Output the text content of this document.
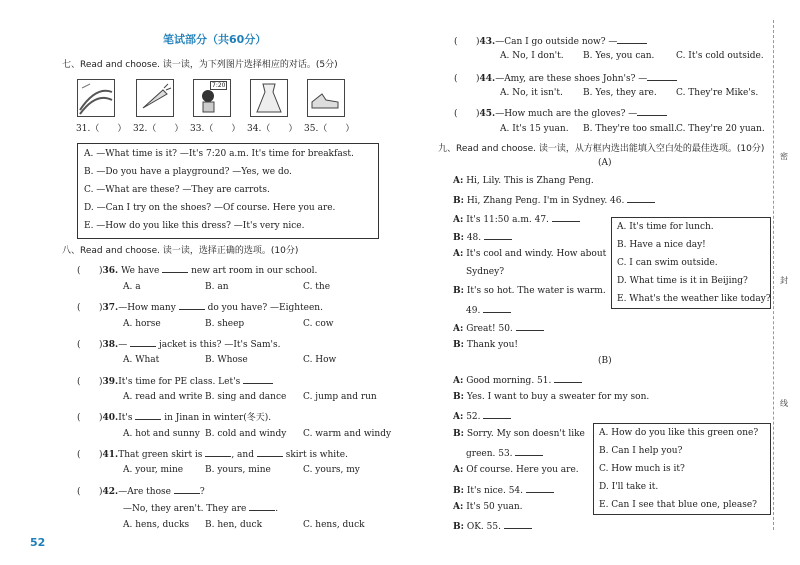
笔试部分（共60分）
七、Read and choose. 读一读，为下列图片选择相应的对话。(5分)
7:20
31.（　　） 32.（　　） 33.（　　） 34.（　　） 35.（　　）
A. —What time is it? —It's 7:20 a.m. It's time for breakfast.
B. —Do you have a playground? —Yes, we do.
C. —What are these? —They are carrots.
D. —Can I try on the shoes? —Of course. Here you are.
E. —How do you like this dress? —It's very nice.
八、Read and choose. 读一读，选择正确的选项。(10分)
(　)36. We have	new art room in our school.
A. a	B. an	C. the
(　)37.—How many	do you have? —Eighteen.
A. horse	B. sheep	C. cow
(　)38.—	jacket is this? —It's Sam's.
A. What	B. Whose	C. How
(　)39.It's time for PE class. Let's
A. read and write B. sing and dance C. jump and run
(　)40.It's	in Jinan in winter(冬天).
A. hot and sunny B. cold and windy C. warm and windy
(　)41.That green skirt is	, and	skirt is white.
A. your, mine B. yours, mine	C. yours, my
(　)42.—Are those	?
—No, they aren't. They are	.
A. hens, ducks B. hen, duck	C. hens, duck
52
(　)43.—Can I go outside now? —
A. No, I don't. B. Yes, you can. C. It's cold outside.
(　)44.—Amy, are these shoes John's? —
A. No, it isn't. B. Yes, they are. C. They're Mike's.
(　)45.—How much are the gloves? —
A. It's 15 yuan. B. They're too small. C. They're 20 yuan.
九、Read and choose. 读一读，从方框内选出能填入空白处的最佳选项。(10分)
(A)
A: Hi, Lily. This is Zhang Peng.
B: Hi, Zhang Peng. I'm in Sydney. 46.
A: It's 11:50 a.m. 47.
B: 48.
A: It's cool and windy. How about
Sydney?
B: It's so hot. The water is warm.
49.
A: Great! 50.
B: Thank you!
A. It's time for lunch.
B. Have a nice day!
C. I can swim outside.
D. What time is it in Beijing?
E. What's the weather like today?
(B)
A: Good morning. 51.
B: Yes. I want to buy a sweater for my son.
A: 52.
B: Sorry. My son doesn't like
green. 53.
A: Of course. Here you are.
B: It's nice. 54.
A: It's 50 yuan.
B: OK. 55.
A. How do you like this green one?
B. Can I help you?
C. How much is it?
D. I'll take it.
E. Can I see that blue one, please?
密
封
线
